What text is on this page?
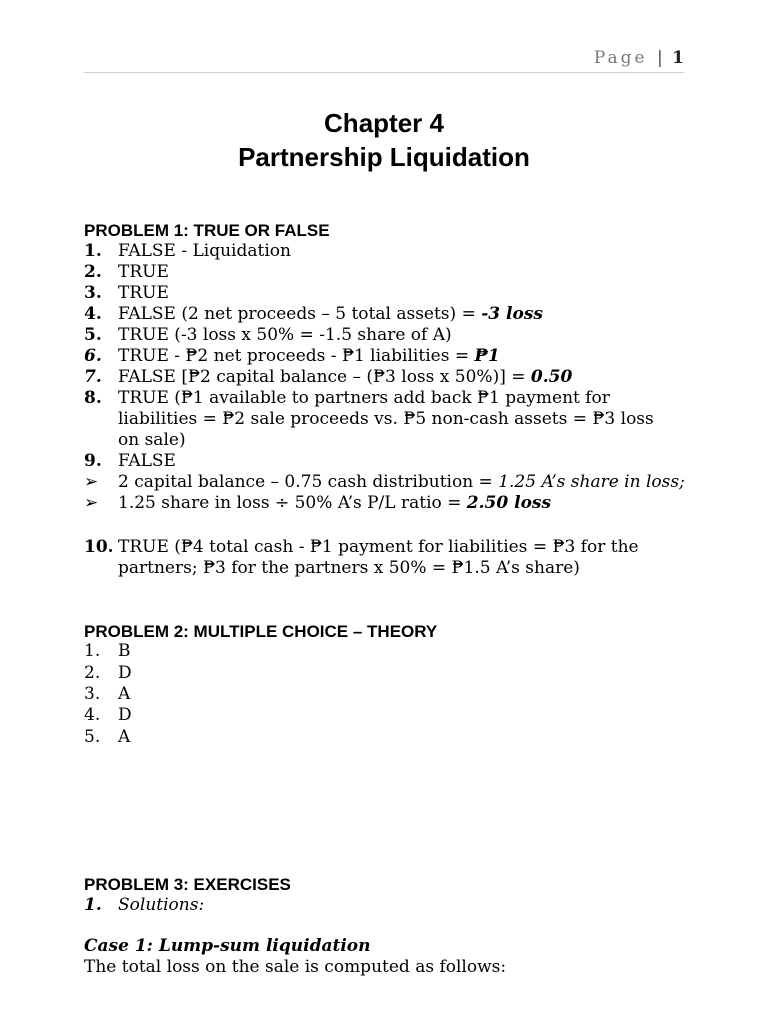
Page | 1
Chapter 4
Partnership Liquidation
PROBLEM 1: TRUE OR FALSE
1. FALSE - Liquidation
2. TRUE
3. TRUE
4. FALSE (2 net proceeds – 5 total assets) = -3 loss
5. TRUE (-3 loss x 50% = -1.5 share of A)
6. TRUE - ₱2 net proceeds - ₱1 liabilities = ₱1
7. FALSE [₱2 capital balance – (₱3 loss x 50%)] = 0.50
8. TRUE (₱1 available to partners add back ₱1 payment for
liabilities = ₱2 sale proceeds vs. ₱5 non-cash assets = ₱3 loss
on sale)
9. FALSE
➢ 2 capital balance – 0.75 cash distribution = 1.25 A’s share in loss;
➢ 1.25 share in loss ÷ 50% A’s P/L ratio = 2.50 loss
10. TRUE (₱4 total cash - ₱1 payment for liabilities = ₱3 for the
partners; ₱3 for the partners x 50% = ₱1.5 A’s share)
PROBLEM 2: MULTIPLE CHOICE – THEORY
1. B
2. D
3. A
4. D
5. A
PROBLEM 3: EXERCISES
1. Solutions:
Case 1: Lump-sum liquidation
The total loss on the sale is computed as follows:
